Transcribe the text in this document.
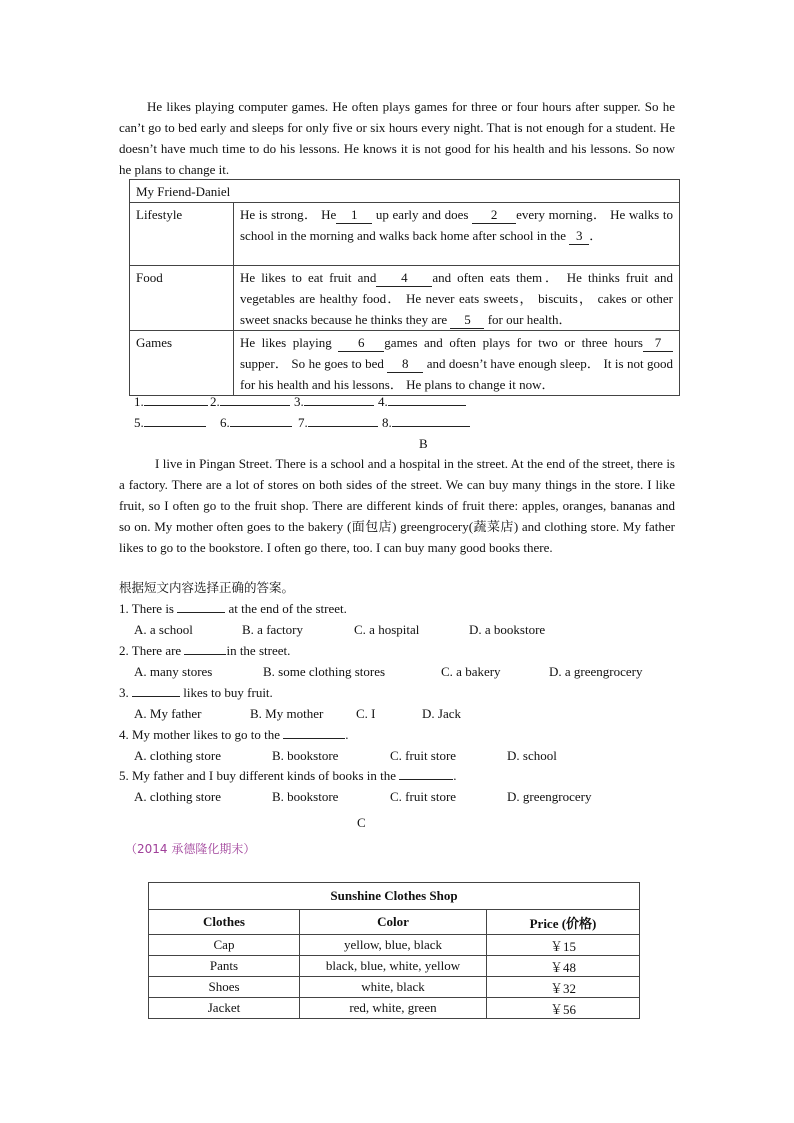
He likes playing computer games. He often plays games for three or four hours after supper. So he can’t go to bed early and sleeps for only five or six hours every night. That is not enough for a student. He doesn’t have much time to do his lessons. He knows it is not good for his health and his lessons. So now he plans to change it.
My Friend-Daniel	
Lifestyle	He is strong． He 1 up early and does 2 every morning． He walks to school in the morning and walks back home after school in the 3 ．
Food	He likes to eat fruit and 4 and often eats them． He thinks fruit and vegetables are healthy food． He never eats sweets， biscuits， cakes or other sweet snacks because he thinks they are 5 for our health．
Games	He likes playing 6 games and often plays for two or three hours 7 supper． So he goes to bed 8 and doesn’t have enough sleep． It is not good for his health and his lessons． He plans to change it now．
1.	2.	3.	4.
5.	6.	7.	8.
B
I live in Pingan Street. There is a school and a hospital in the street. At the end of the street, there is a factory. There are a lot of stores on both sides of the street. We can buy many things in the store. I like fruit, so I often go to the fruit shop. There are different kinds of fruit there: apples, oranges, bananas and so on. My mother often goes to the bakery (面包店) greengrocery(蔬菜店) and clothing store. My father likes to go to the bookstore. I often go there, too. I can buy many good books there.
根据短文内容选择正确的答案。
1. There is	at the end of the street.
A. a school	B. a factory	C. a hospital	D. a bookstore
2. There are	in the street.
A. many stores	B. some clothing stores	C. a bakery	D. a greengrocery
3.	likes to buy fruit.
A. My father	B. My mother	C. I	D. Jack
4. My mother likes to go to the	.
A. clothing store	B. bookstore	C. fruit store	D. school
5. My father and I buy different kinds of books in the	.
A. clothing store	B. bookstore	C. fruit store	D. greengrocery
C
（2014 承德隆化期末）
Sunshine Clothes Shop		
Clothes	Color	Price (价格)
Cap	yellow, blue, black	￥15
Pants	black, blue, white, yellow	￥48
Shoes	white, black	￥32
Jacket	red, white, green	￥56
